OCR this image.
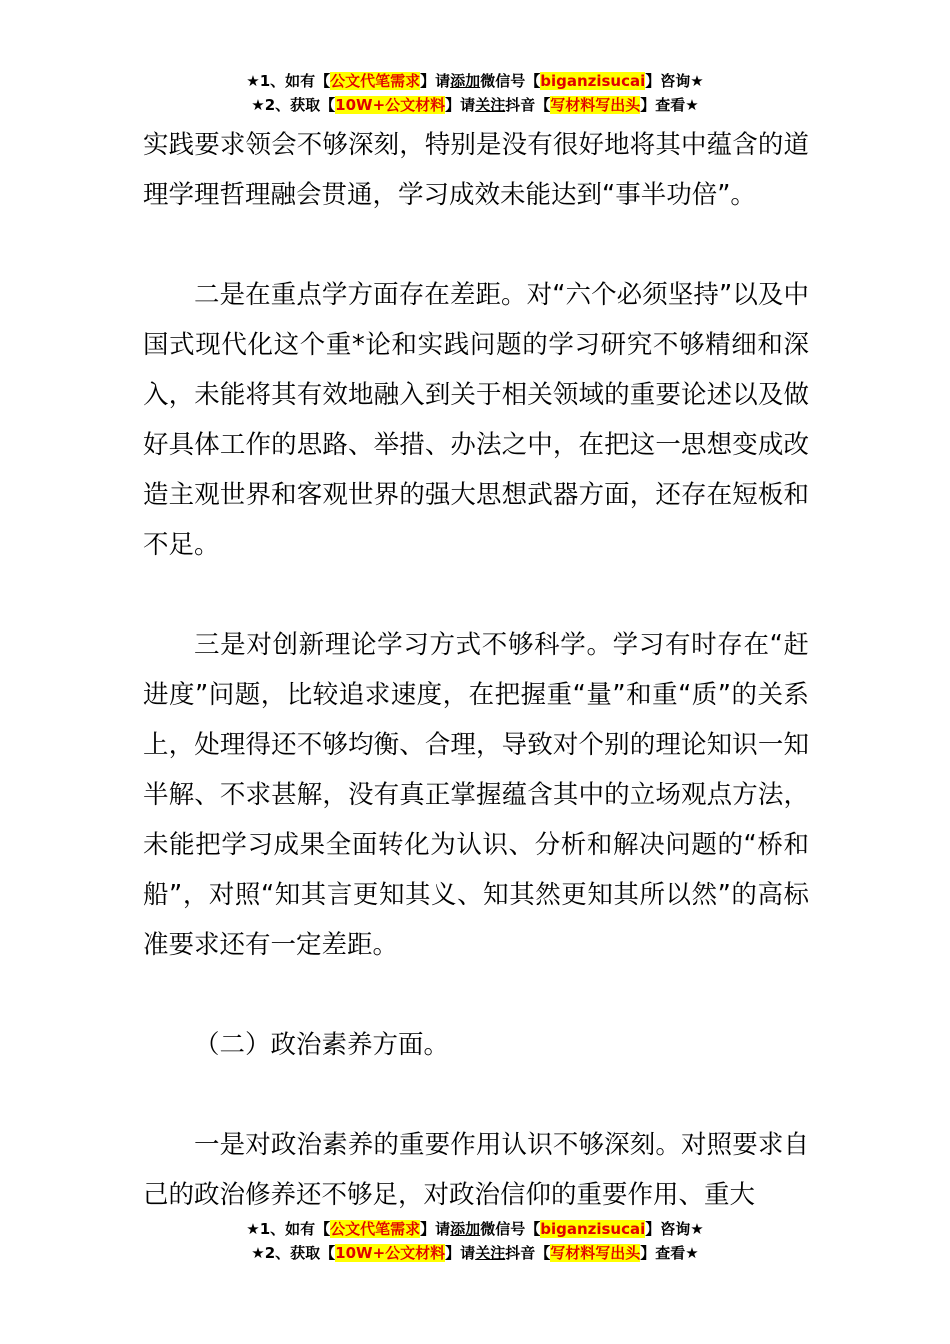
★1、如有【公文代笔需求】请添加微信号【biganzisucai】咨询★
★2、获取【10W+公文材料】请关注抖音【写材料写出头】查看★

实践要求领会不够深刻，特别是没有很好地将其中蕴含的道理学理哲理融会贯通，学习成效未能达到“事半功倍”。

二是在重点学方面存在差距。对“六个必须坚持”以及中国式现代化这个重*论和实践问题的学习研究不够精细和深入，未能将其有效地融入到关于相关领域的重要论述以及做好具体工作的思路、举措、办法之中，在把这一思想变成改造主观世界和客观世界的强大思想武器方面，还存在短板和不足。

三是对创新理论学习方式不够科学。学习有时存在“赶进度”问题，比较追求速度，在把握重“量”和重“质”的关系上，处理得还不够均衡、合理，导致对个别的理论知识一知半解、不求甚解，没有真正掌握蕴含其中的立场观点方法，未能把学习成果全面转化为认识、分析和解决问题的“桥和船”，对照“知其言更知其义、知其然更知其所以然”的高标准要求还有一定差距。

（二）政治素养方面。

一是对政治素养的重要作用认识不够深刻。对照要求自己的政治修养还不够足，对政治信仰的重要作用、重大

★1、如有【公文代笔需求】请添加微信号【biganzisucai】咨询★
★2、获取【10W+公文材料】请关注抖音【写材料写出头】查看★
